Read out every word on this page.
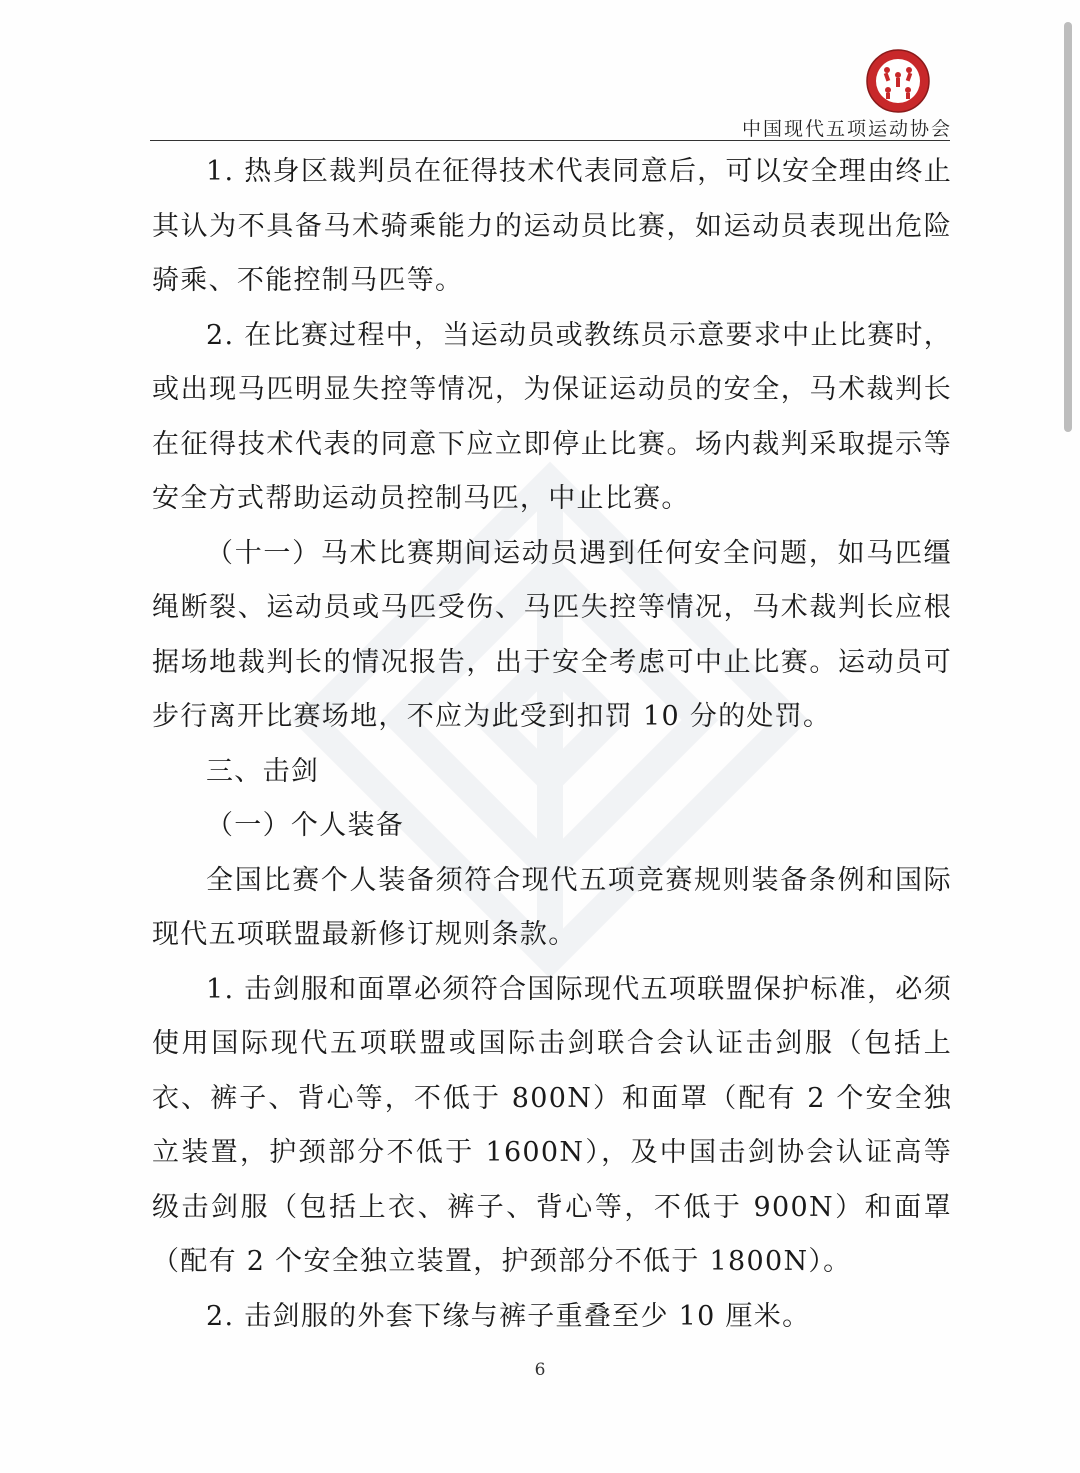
中国现代五项运动协会

1. 热身区裁判员在征得技术代表同意后，可以安全理由终止其认为不具备马术骑乘能力的运动员比赛，如运动员表现出危险骑乘、不能控制马匹等。

2. 在比赛过程中，当运动员或教练员示意要求中止比赛时，或出现马匹明显失控等情况，为保证运动员的安全，马术裁判长在征得技术代表的同意下应立即停止比赛。场内裁判采取提示等安全方式帮助运动员控制马匹，中止比赛。

（十一）马术比赛期间运动员遇到任何安全问题，如马匹缰绳断裂、运动员或马匹受伤、马匹失控等情况，马术裁判长应根据场地裁判长的情况报告，出于安全考虑可中止比赛。运动员可步行离开比赛场地，不应为此受到扣罚 10 分的处罚。

三、击剑

（一）个人装备

全国比赛个人装备须符合现代五项竞赛规则装备条例和国际现代五项联盟最新修订规则条款。

1. 击剑服和面罩必须符合国际现代五项联盟保护标准，必须使用国际现代五项联盟或国际击剑联合会认证击剑服（包括上衣、裤子、背心等，不低于 800N）和面罩（配有 2 个安全独立装置，护颈部分不低于 1600N），及中国击剑协会认证高等级击剑服（包括上衣、裤子、背心等，不低于 900N）和面罩（配有 2 个安全独立装置，护颈部分不低于 1800N）。

2. 击剑服的外套下缘与裤子重叠至少 10 厘米。

6
